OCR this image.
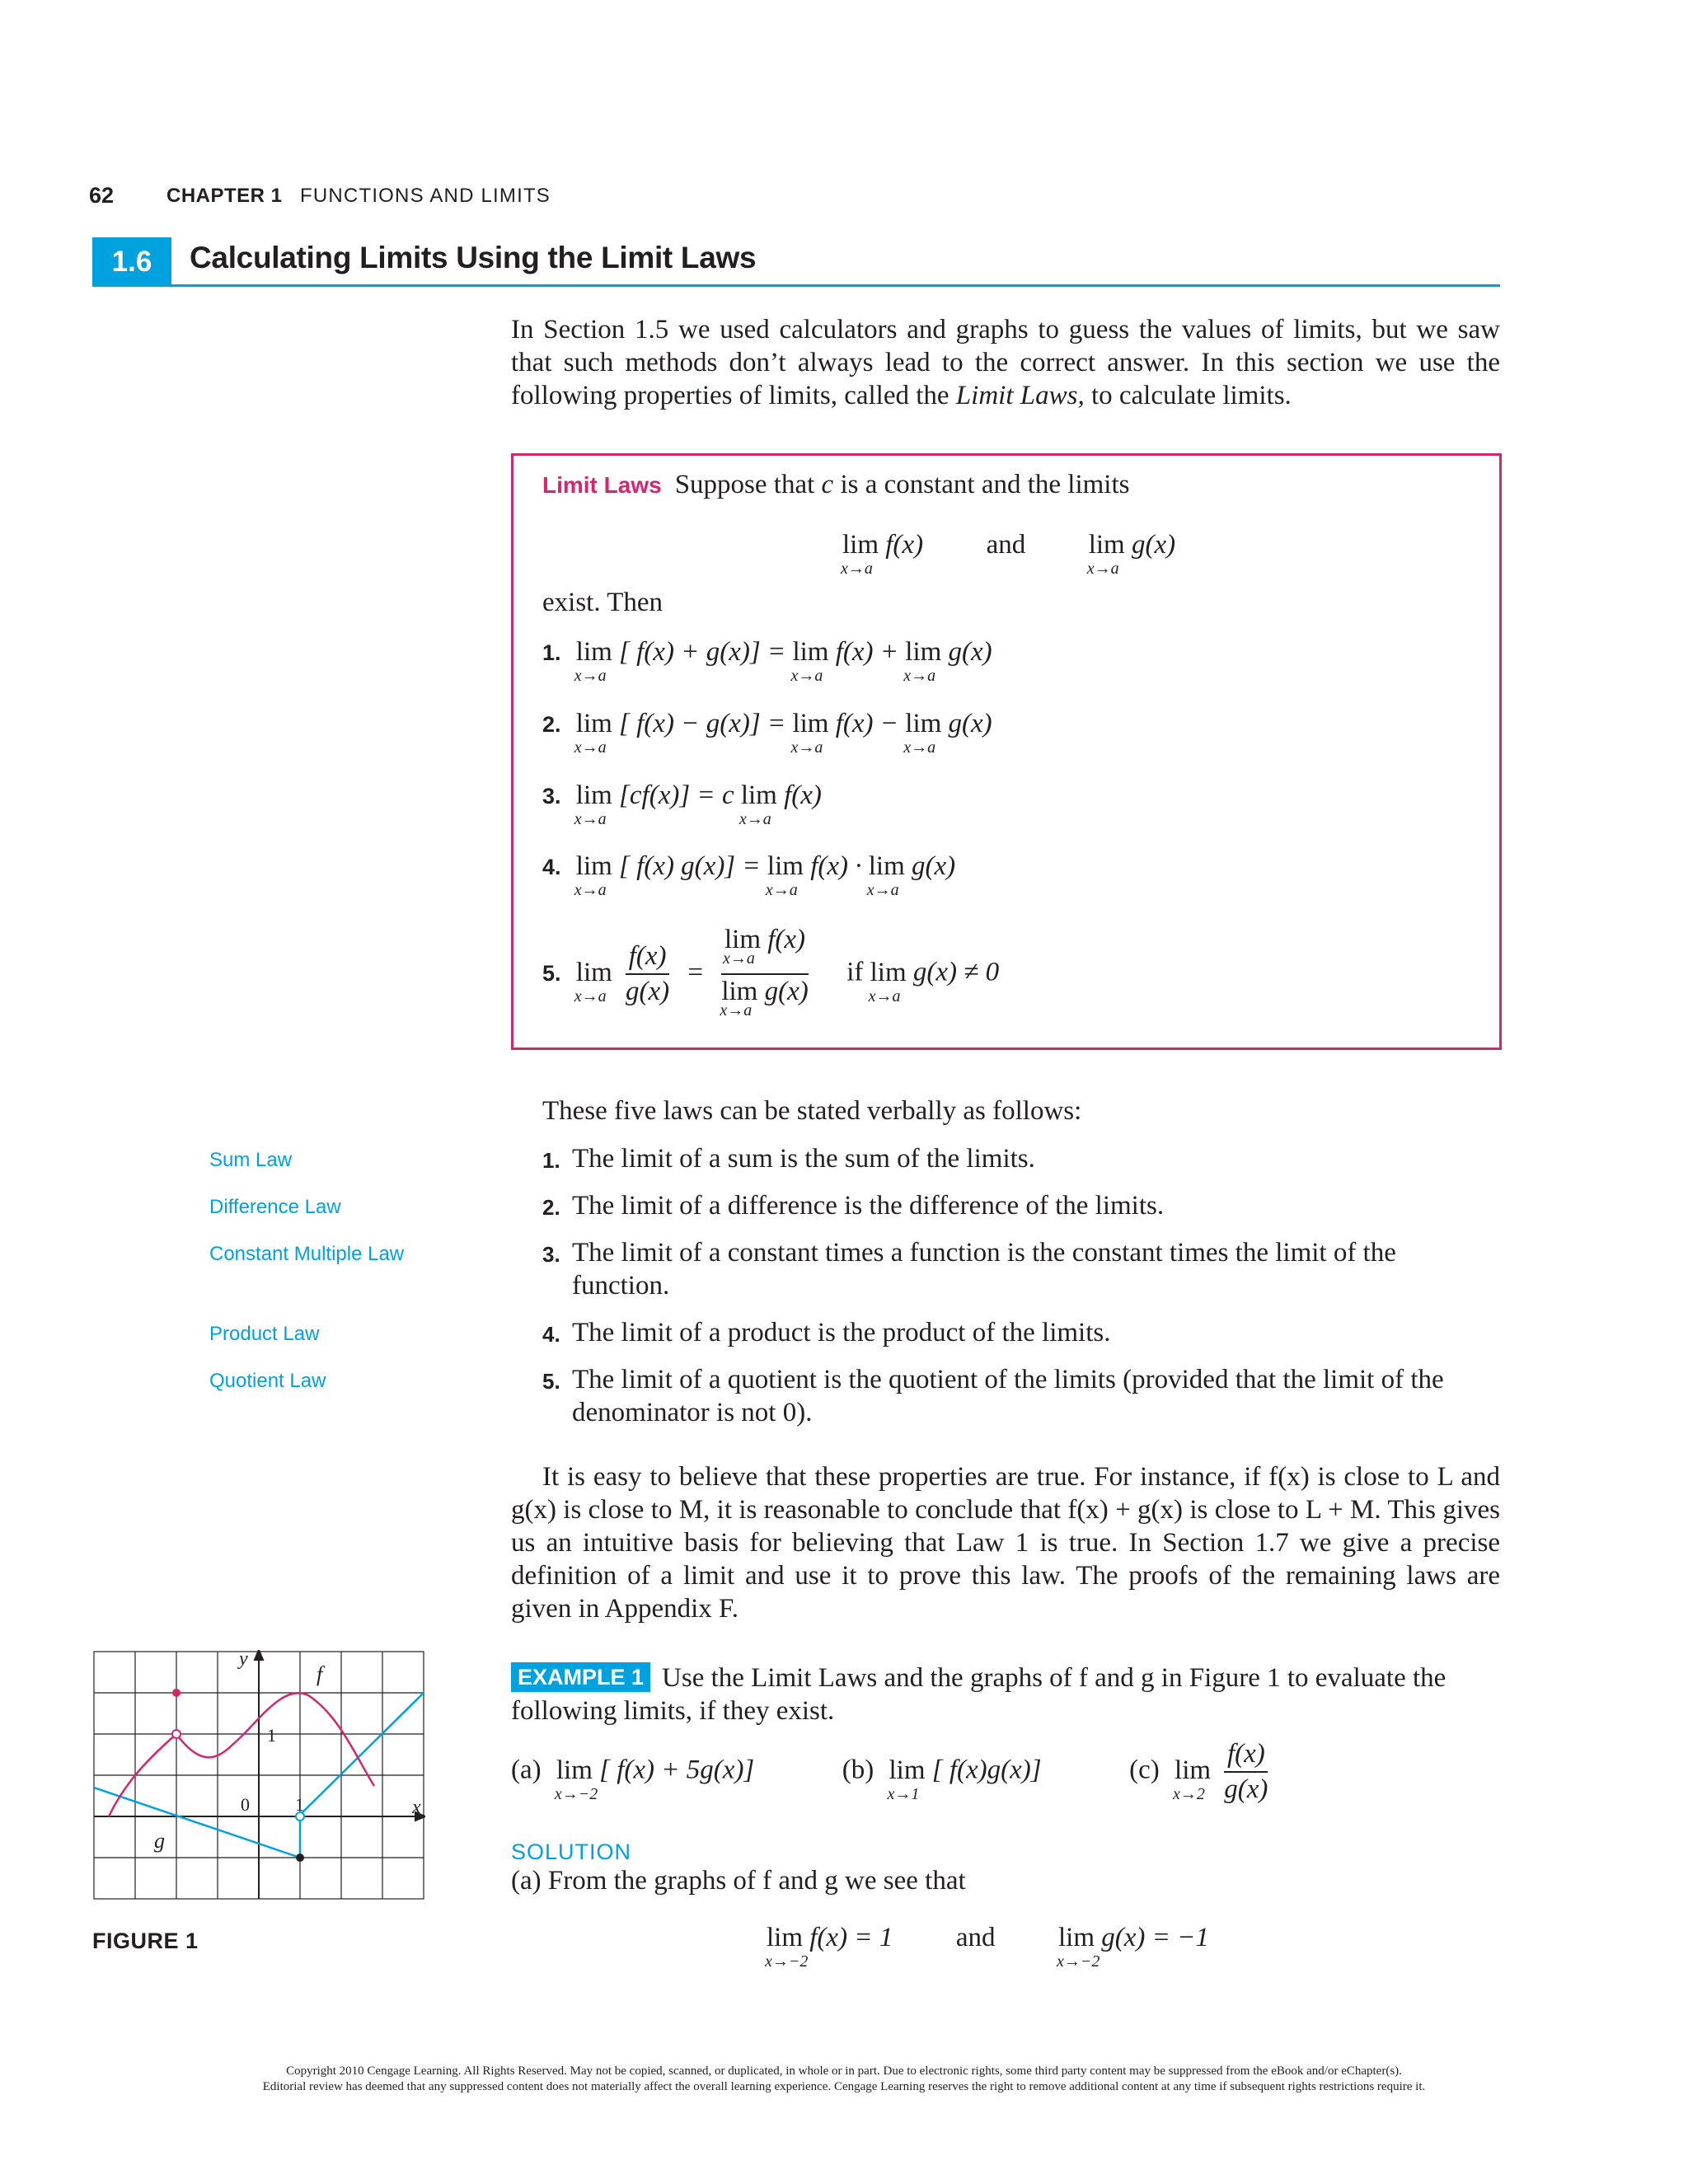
62	CHAPTER 1 FUNCTIONS AND LIMITS
1.6	Calculating Limits Using the Limit Laws
In Section 1.5 we used calculators and graphs to guess the values of limits, but we saw that such methods don’t always lead to the correct answer. In this section we use the following properties of limits, called the Limit Laws, to calculate limits.
Limit Laws Suppose that c is a constant and the limits
lim
x→a
f(x) and lim
x→a
g(x)
exist. Then
1. lim
x→a
[ f(x) + g(x)] = lim
x→a
f(x) + lim
x→a
g(x)
2. lim
x→a
[ f(x) − g(x)] = lim
x→a
f(x) − lim
x→a
g(x)
3. lim
x→a
[cf(x)] = c lim
x→a
f(x)
4. lim
x→a
[ f(x) g(x)] = lim
x→a
f(x) · lim
x→a
g(x)
5. lim
x→a
$\frac{f(x)}{g(x)} = \lim$
x→a
f(x)
lim
x→a
g(x) if lim
x→a
g(x) ≠ 0
These five laws can be stated verbally as follows:
1. The limit of a sum is the sum of the limits.
2. The limit of a difference is the difference of the limits.
3. The limit of a constant times a function is the constant times the limit of the function.
4. The limit of a product is the product of the limits.
5. The limit of a quotient is the quotient of the limits (provided that the limit of the denominator is not 0).
Sum Law
Difference Law
Constant Multiple Law
Product Law
Quotient Law
It is easy to believe that these properties are true. For instance, if f(x) is close to L and g(x) is close to M, it is reasonable to conclude that f(x) + g(x) is close to L + M. This gives us an intuitive basis for believing that Law 1 is true. In Section 1.7 we give a precise definition of a limit and use it to prove this law. The proofs of the remaining laws are given in Appendix F.
EXAMPLE 1 Use the Limit Laws and the graphs of f and g in Figure 1 to evaluate the following limits, if they exist.
(a) lim
x→−2
[ f(x) + 5g(x)]	(b) lim
x→1
[ f(x)g(x)]	(c) lim
x→2
$\frac{f(x)}{g(x)}$
SOLUTION
(a) From the graphs of f and g we see that
lim
x→−2
f(x) = 1 and lim
x→−2
g(x) = −1
y
x
f
g
0	1
1
FIGURE 1
Copyright 2010 Cengage Learning. All Rights Reserved. May not be copied, scanned, or duplicated, in whole or in part. Due to electronic rights, some third party content may be suppressed from the eBook and/or eChapter(s).
Editorial review has deemed that any suppressed content does not materially affect the overall learning experience. Cengage Learning reserves the right to remove additional content at any time if subsequent rights restrictions require it.
